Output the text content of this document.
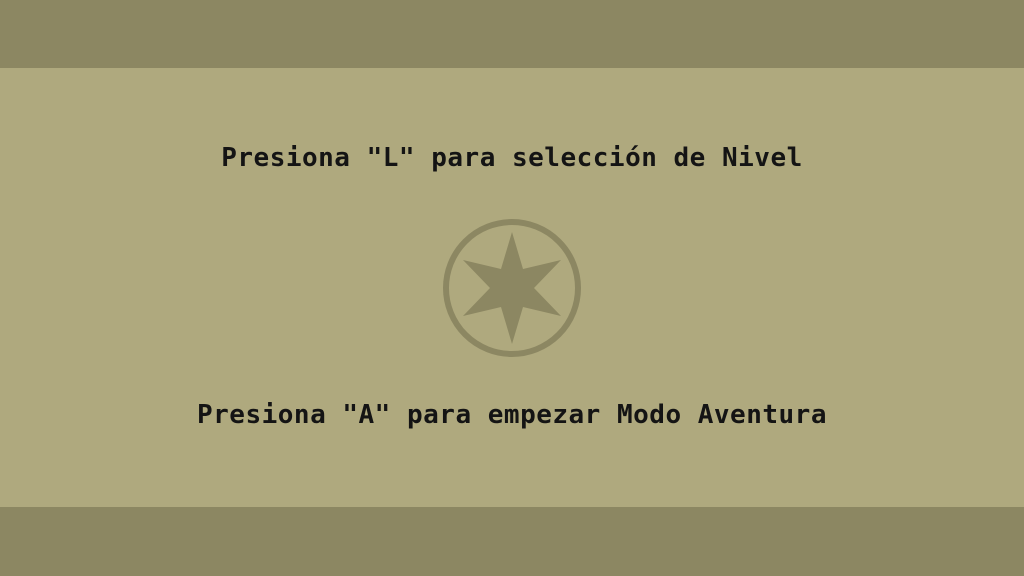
Presiona "L" para selección de Nivel
Presiona "A" para empezar Modo Aventura
